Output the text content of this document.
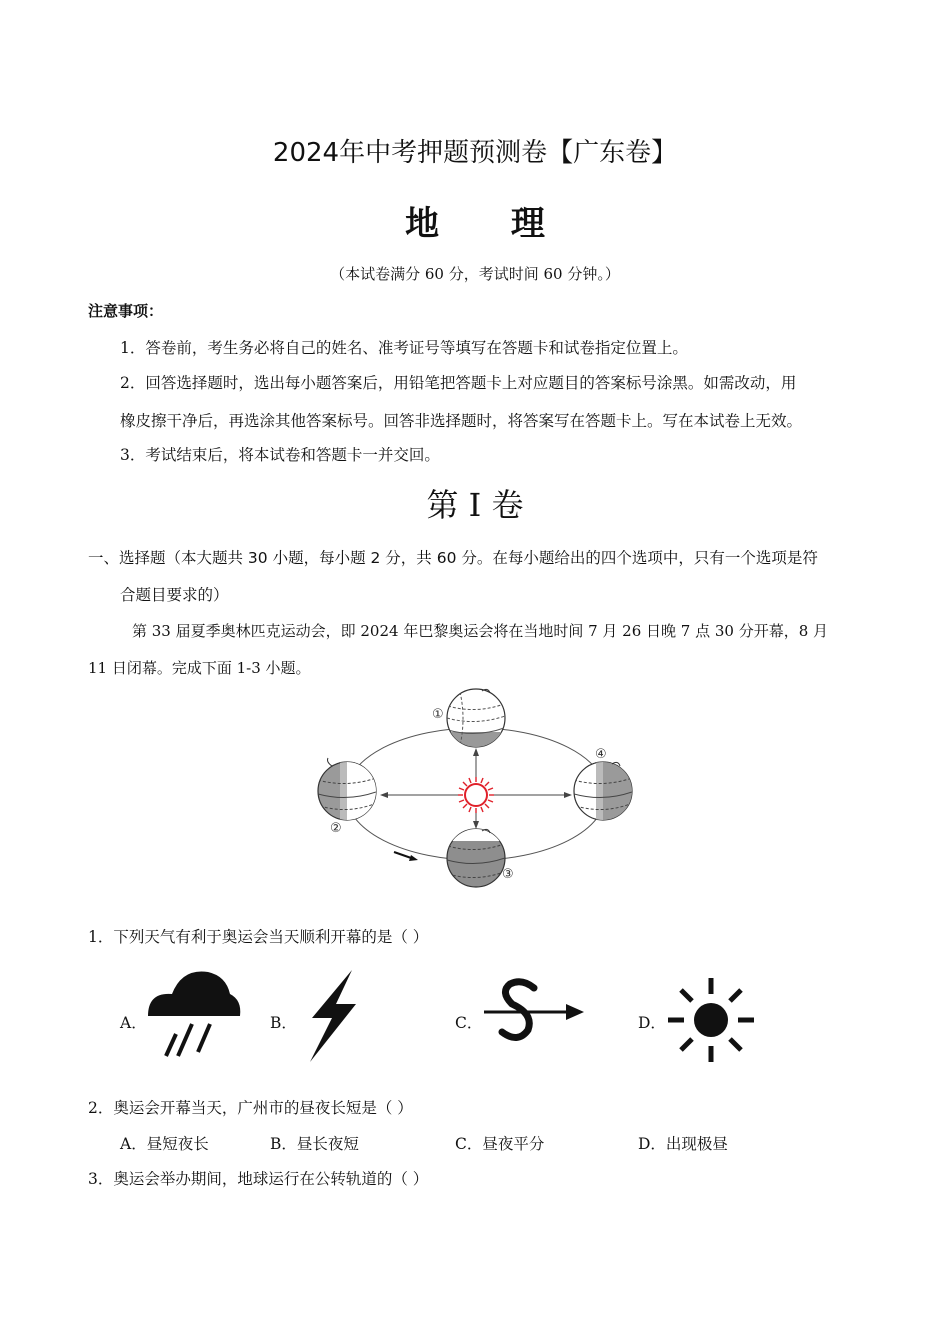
2024年中考押题预测卷【广东卷】
地 理
（本试卷满分 60 分，考试时间 60 分钟。）
注意事项：
1．答卷前，考生务必将自己的姓名、准考证号等填写在答题卡和试卷指定位置上。
2．回答选择题时，选出每小题答案后，用铅笔把答题卡上对应题目的答案标号涂黑。如需改动，用
橡皮擦干净后，再选涂其他答案标号。回答非选择题时，将答案写在答题卡上。写在本试卷上无效。
3．考试结束后，将本试卷和答题卡一并交回。
第 I 卷
一、选择题（本大题共 30 小题，每小题 2 分，共 60 分。在每小题给出的四个选项中，只有一个选项是符
合题目要求的）
第 33 届夏季奥林匹克运动会，即 2024 年巴黎奥运会将在当地时间 7 月 26 日晚 7 点 30 分开幕，8 月
11 日闭幕。完成下面 1-3 小题。
①
②
③
④
1．下列天气有利于奥运会当天顺利开幕的是（ ）
A．	B．	C．	D．
2．奥运会开幕当天，广州市的昼夜长短是（ ）
A．昼短夜长	B．昼长夜短	C．昼夜平分	D．出现极昼
3．奥运会举办期间，地球运行在公转轨道的（ ）
